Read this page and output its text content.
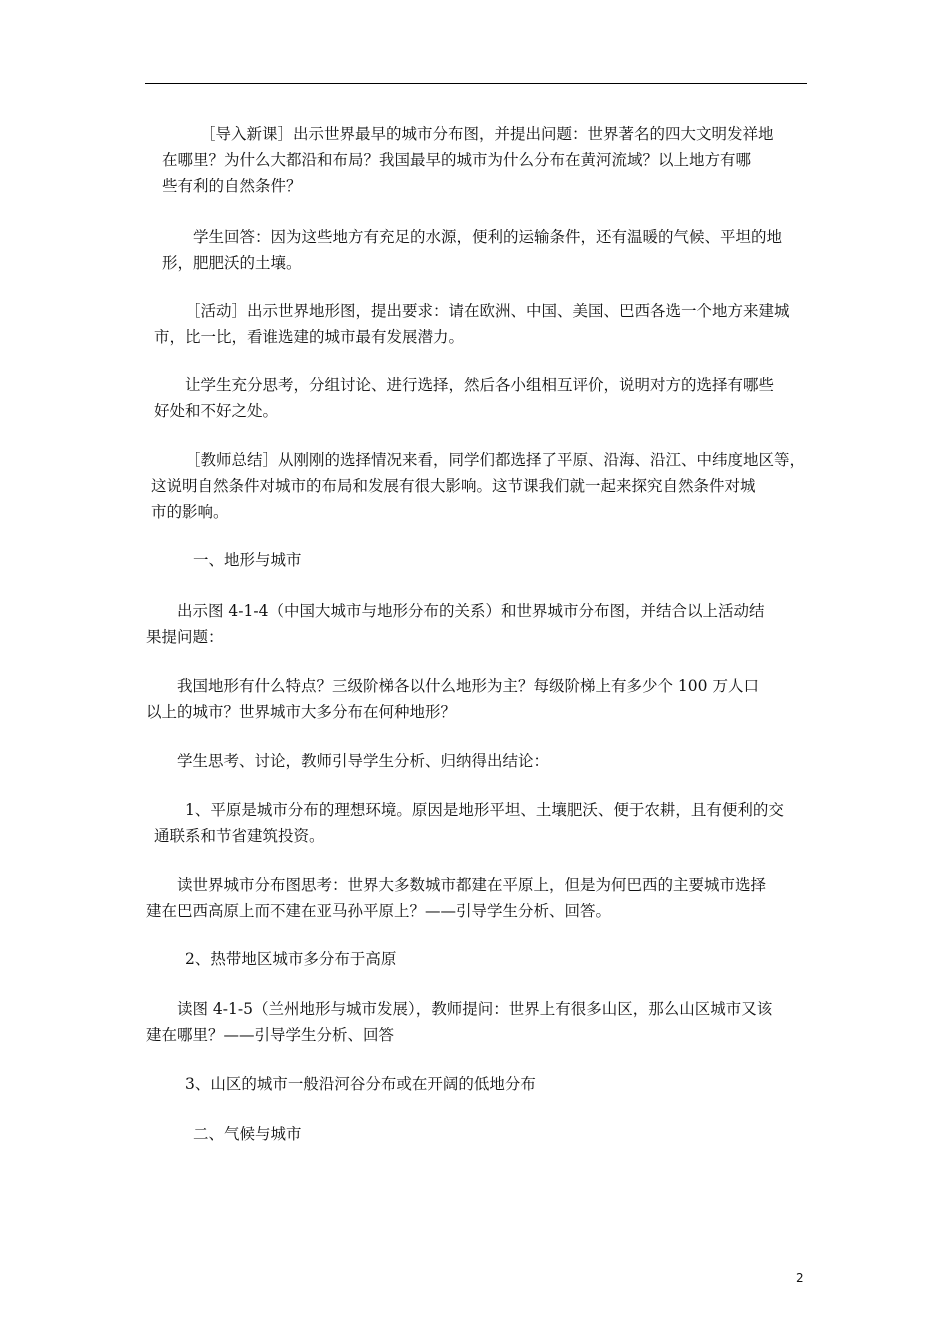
［导入新课］出示世界最早的城市分布图，并提出问题：世界著名的四大文明发祥地
在哪里？为什么大都沿和布局？我国最早的城市为什么分布在黄河流域？以上地方有哪
些有利的自然条件？
学生回答：因为这些地方有充足的水源，便利的运输条件，还有温暖的气候、平坦的地
形，肥肥沃的土壤。
［活动］出示世界地形图，提出要求：请在欧洲、中国、美国、巴西各选一个地方来建城
市，比一比，看谁选建的城市最有发展潜力。
让学生充分思考，分组讨论、进行选择，然后各小组相互评价，说明对方的选择有哪些
好处和不好之处。
［教师总结］从刚刚的选择情况来看，同学们都选择了平原、沿海、沿江、中纬度地区等，
这说明自然条件对城市的布局和发展有很大影响。这节课我们就一起来探究自然条件对城
市的影响。
一、地形与城市
出示图 4-1-4（中国大城市与地形分布的关系）和世界城市分布图，并结合以上活动结
果提问题：
我国地形有什么特点？三级阶梯各以什么地形为主？每级阶梯上有多少个 100 万人口
以上的城市？世界城市大多分布在何种地形？
学生思考、讨论，教师引导学生分析、归纳得出结论：
1、平原是城市分布的理想环境。原因是地形平坦、土壤肥沃、便于农耕，且有便利的交
通联系和节省建筑投资。
读世界城市分布图思考：世界大多数城市都建在平原上，但是为何巴西的主要城市选择
建在巴西高原上而不建在亚马孙平原上？——引导学生分析、回答。
2、热带地区城市多分布于高原
读图 4-1-5（兰州地形与城市发展），教师提问：世界上有很多山区，那么山区城市又该
建在哪里？——引导学生分析、回答
3、山区的城市一般沿河谷分布或在开阔的低地分布
二、气候与城市
2
